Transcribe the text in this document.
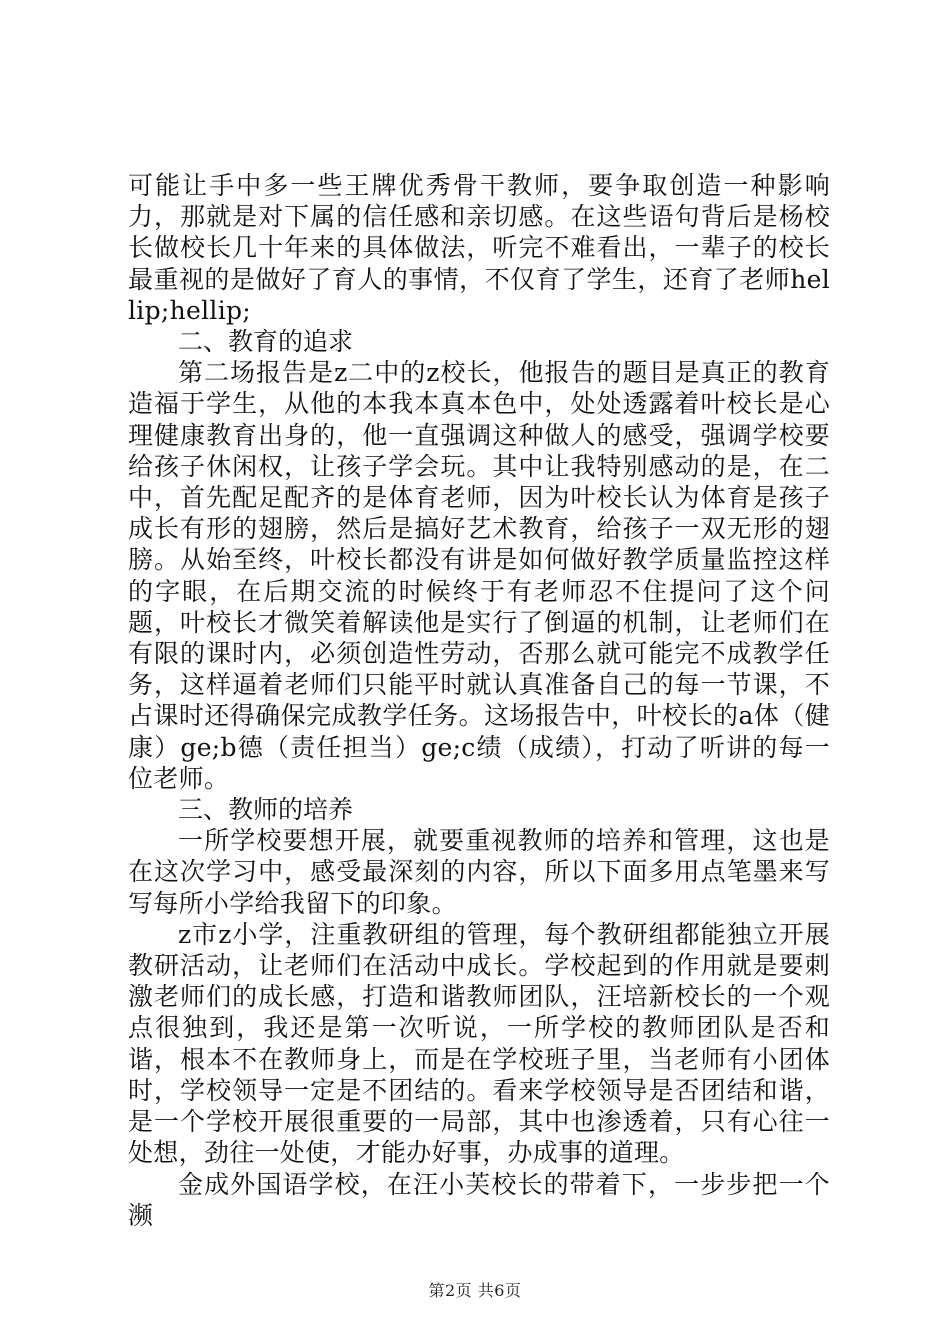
可能让手中多一些王牌优秀骨干教师，要争取创造一种影响力，那就是对下属的信任感和亲切感。在这些语句背后是杨校长做校长几十年来的具体做法，听完不难看出，一辈子的校长最重视的是做好了育人的事情，不仅育了学生，还育了老师hellip;hellip;

二、教育的追求

第二场报告是z二中的z校长，他报告的题目是真正的教育造福于学生，从他的本我本真本色中，处处透露着叶校长是心理健康教育出身的，他一直强调这种做人的感受，强调学校要给孩子休闲权，让孩子学会玩。其中让我特别感动的是，在二中，首先配足配齐的是体育老师，因为叶校长认为体育是孩子成长有形的翅膀，然后是搞好艺术教育，给孩子一双无形的翅膀。从始至终，叶校长都没有讲是如何做好教学质量监控这样的字眼，在后期交流的时候终于有老师忍不住提问了这个问题，叶校长才微笑着解读他是实行了倒逼的机制，让老师们在有限的课时内，必须创造性劳动，否那么就可能完不成教学任务，这样逼着老师们只能平时就认真准备自己的每一节课，不占课时还得确保完成教学任务。这场报告中，叶校长的a体（健康）ge;b德（责任担当）ge;c绩（成绩），打动了听讲的每一位老师。

三、教师的培养

一所学校要想开展，就要重视教师的培养和管理，这也是在这次学习中，感受最深刻的内容，所以下面多用点笔墨来写写每所小学给我留下的印象。

z市z小学，注重教研组的管理，每个教研组都能独立开展教研活动，让老师们在活动中成长。学校起到的作用就是要刺激老师们的成长感，打造和谐教师团队，汪培新校长的一个观点很独到，我还是第一次听说，一所学校的教师团队是否和谐，根本不在教师身上，而是在学校班子里，当老师有小团体时，学校领导一定是不团结的。看来学校领导是否团结和谐，是一个学校开展很重要的一局部，其中也渗透着，只有心往一处想，劲往一处使，才能办好事，办成事的道理。

金成外国语学校，在汪小芙校长的带着下，一步步把一个濒

第2页 共6页
